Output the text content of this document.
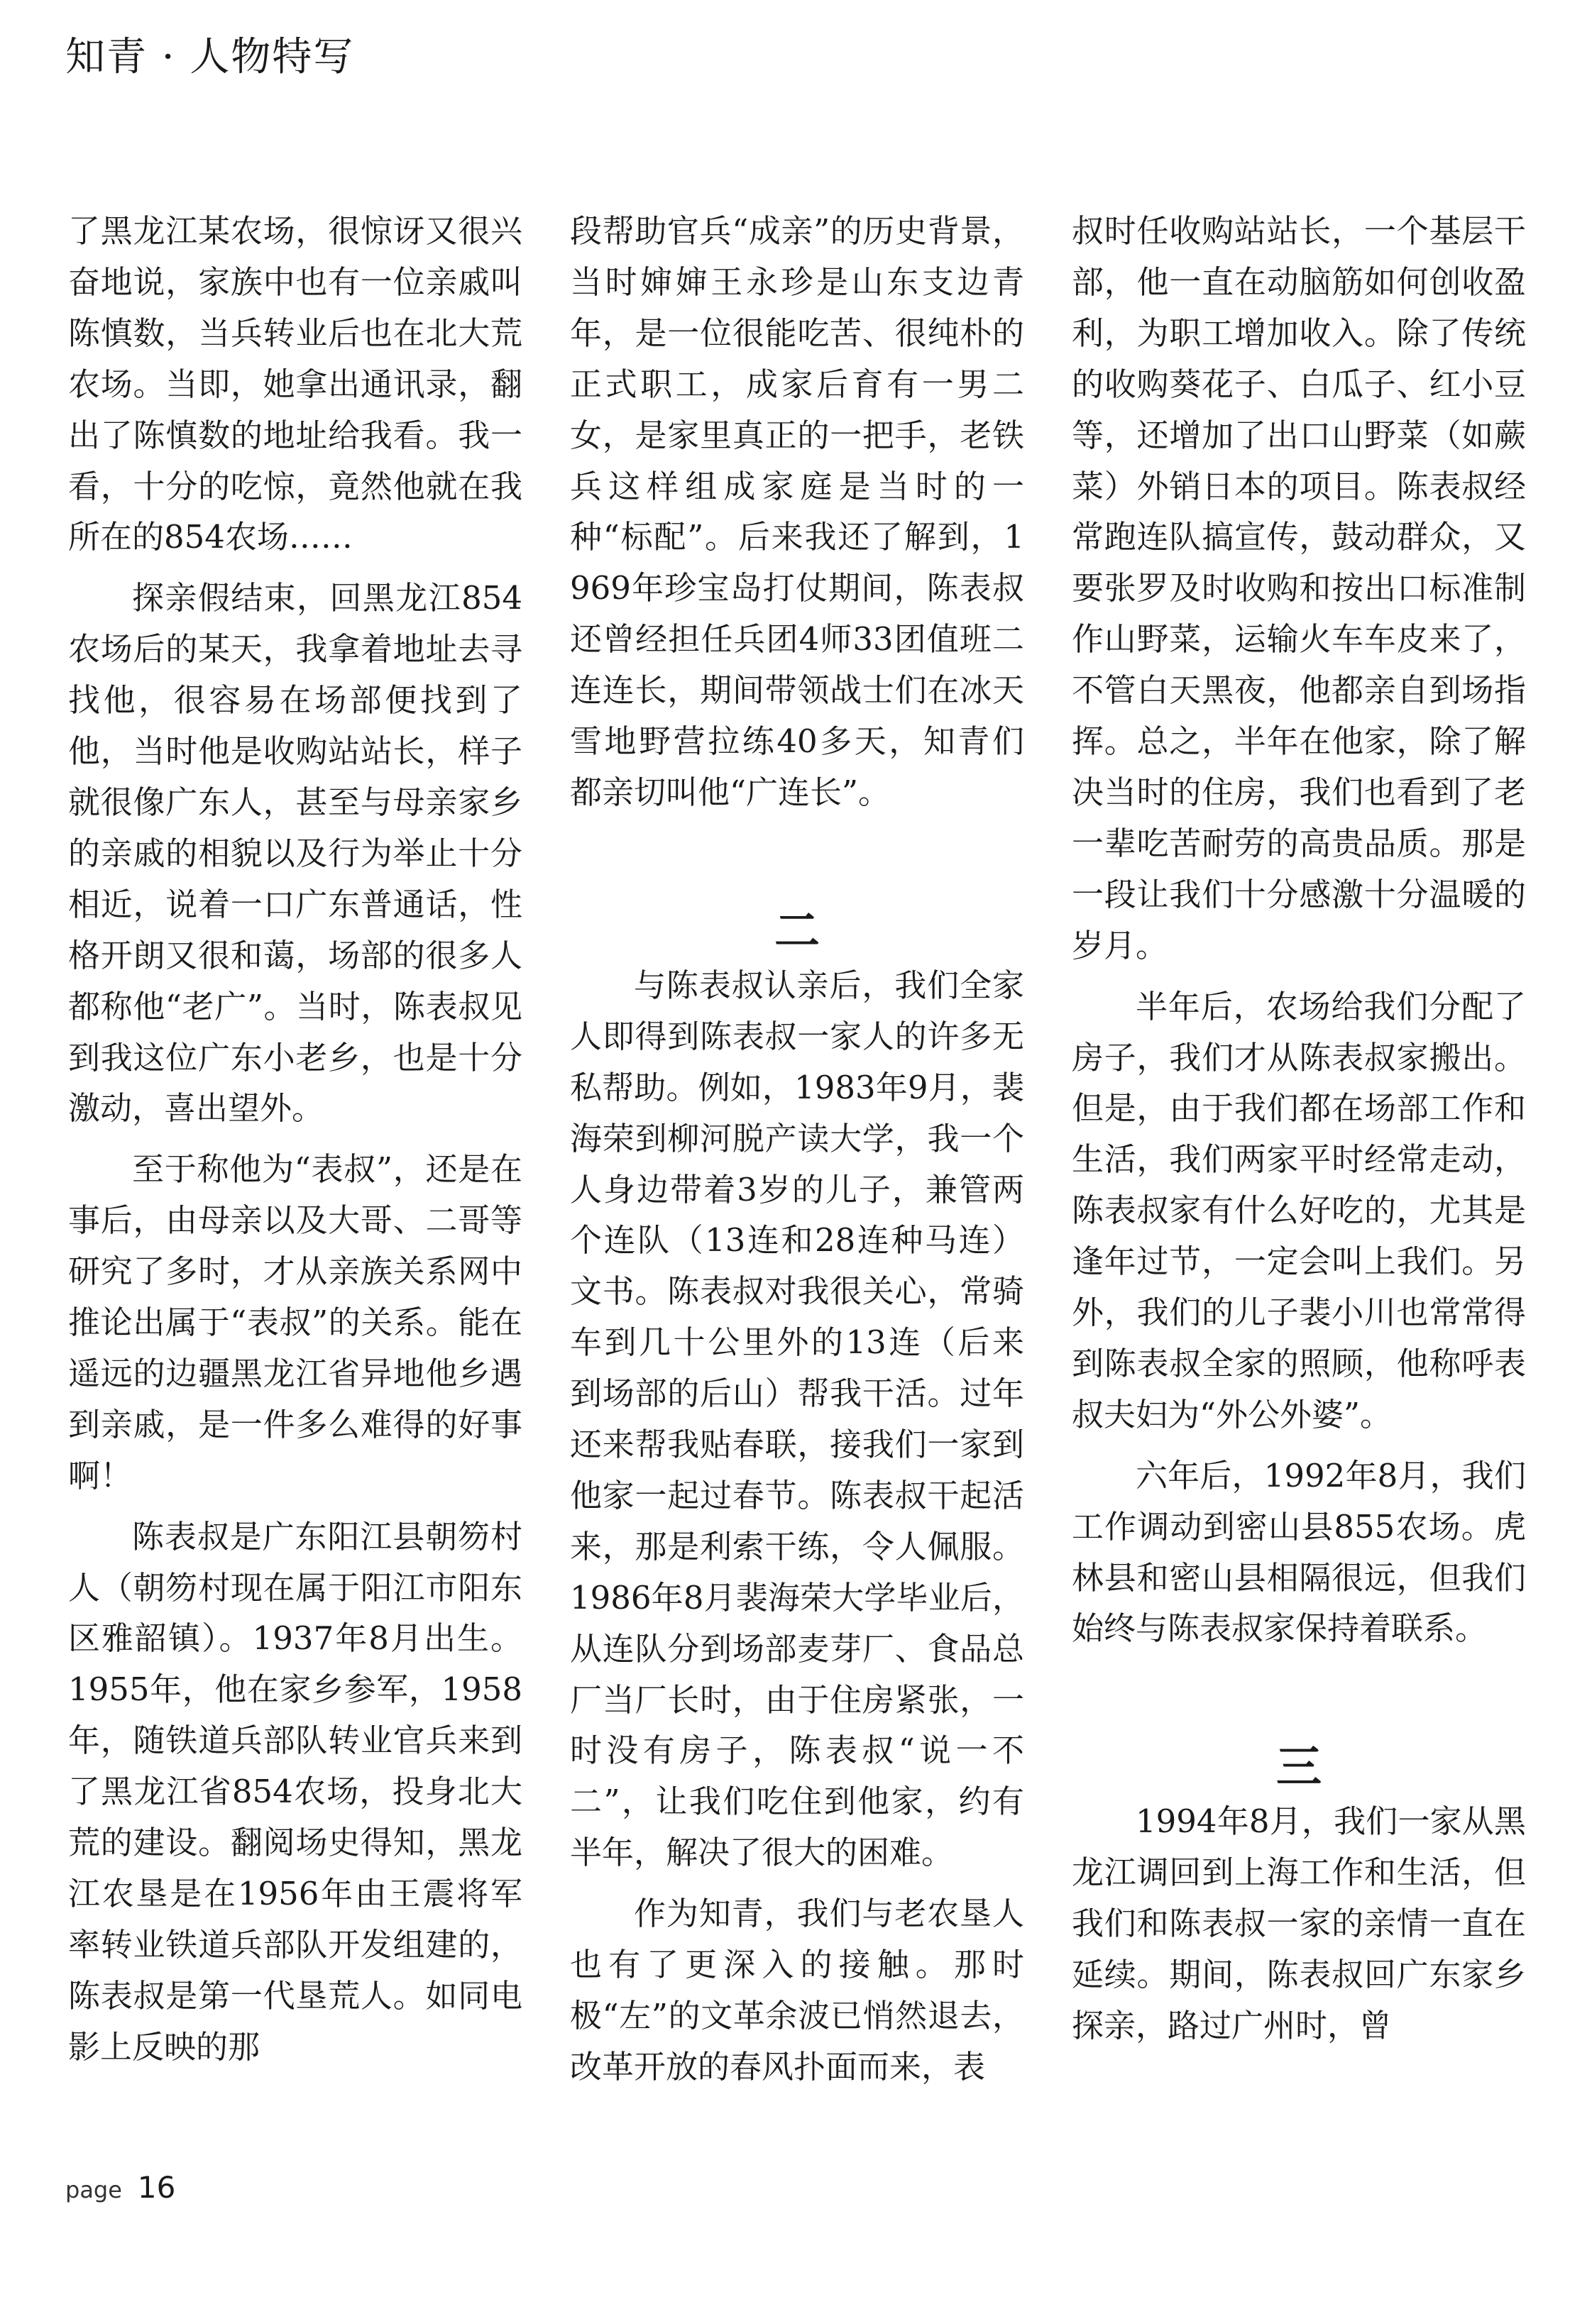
知青 · 人物特写

了黑龙江某农场，很惊讶又很兴奋地说，家族中也有一位亲戚叫陈慎数，当兵转业后也在北大荒农场。当即，她拿出通讯录，翻出了陈慎数的地址给我看。我一看，十分的吃惊，竟然他就在我所在的854农场……

探亲假结束，回黑龙江854农场后的某天，我拿着地址去寻找他，很容易在场部便找到了他，当时他是收购站站长，样子就很像广东人，甚至与母亲家乡的亲戚的相貌以及行为举止十分相近，说着一口广东普通话，性格开朗又很和蔼，场部的很多人都称他“老广”。当时，陈表叔见到我这位广东小老乡，也是十分激动，喜出望外。

至于称他为“表叔”，还是在事后，由母亲以及大哥、二哥等研究了多时，才从亲族关系网中推论出属于“表叔”的关系。能在遥远的边疆黑龙江省异地他乡遇到亲戚，是一件多么难得的好事啊！

陈表叔是广东阳江县朝笏村人（朝笏村现在属于阳江市阳东区雅韶镇）。1937年8月出生。1955年，他在家乡参军，1958年，随铁道兵部队转业官兵来到了黑龙江省854农场，投身北大荒的建设。翻阅场史得知，黑龙江农垦是在1956年由王震将军率转业铁道兵部队开发组建的，陈表叔是第一代垦荒人。如同电影上反映的那

段帮助官兵“成亲”的历史背景，当时婶婶王永珍是山东支边青年，是一位很能吃苦、很纯朴的正式职工，成家后育有一男二女，是家里真正的一把手，老铁兵这样组成家庭是当时的一种“标配”。后来我还了解到，1969年珍宝岛打仗期间，陈表叔还曾经担任兵团4师33团值班二连连长，期间带领战士们在冰天雪地野营拉练40多天，知青们都亲切叫他“广连长”。

二

与陈表叔认亲后，我们全家人即得到陈表叔一家人的许多无私帮助。例如，1983年9月，裴海荣到柳河脱产读大学，我一个人身边带着3岁的儿子，兼管两个连队（13连和28连种马连）文书。陈表叔对我很关心，常骑车到几十公里外的13连（后来到场部的后山）帮我干活。过年还来帮我贴春联，接我们一家到他家一起过春节。陈表叔干起活来，那是利索干练，令人佩服。1986年8月裴海荣大学毕业后，从连队分到场部麦芽厂、食品总厂当厂长时，由于住房紧张，一时没有房子，陈表叔“说一不二”，让我们吃住到他家，约有半年，解决了很大的困难。

作为知青，我们与老农垦人也有了更深入的接触。那时极“左”的文革余波已悄然退去，改革开放的春风扑面而来，表

叔时任收购站站长，一个基层干部，他一直在动脑筋如何创收盈利，为职工增加收入。除了传统的收购葵花子、白瓜子、红小豆等，还增加了出口山野菜（如蕨菜）外销日本的项目。陈表叔经常跑连队搞宣传，鼓动群众，又要张罗及时收购和按出口标准制作山野菜，运输火车车皮来了，不管白天黑夜，他都亲自到场指挥。总之，半年在他家，除了解决当时的住房，我们也看到了老一辈吃苦耐劳的高贵品质。那是一段让我们十分感激十分温暖的岁月。

半年后，农场给我们分配了房子，我们才从陈表叔家搬出。但是，由于我们都在场部工作和生活，我们两家平时经常走动，陈表叔家有什么好吃的，尤其是逢年过节，一定会叫上我们。另外，我们的儿子裴小川也常常得到陈表叔全家的照顾，他称呼表叔夫妇为“外公外婆”。

六年后，1992年8月，我们工作调动到密山县855农场。虎林县和密山县相隔很远，但我们始终与陈表叔家保持着联系。

三

1994年8月，我们一家从黑龙江调回到上海工作和生活，但我们和陈表叔一家的亲情一直在延续。期间，陈表叔回广东家乡探亲，路过广州时，曾

page 16
